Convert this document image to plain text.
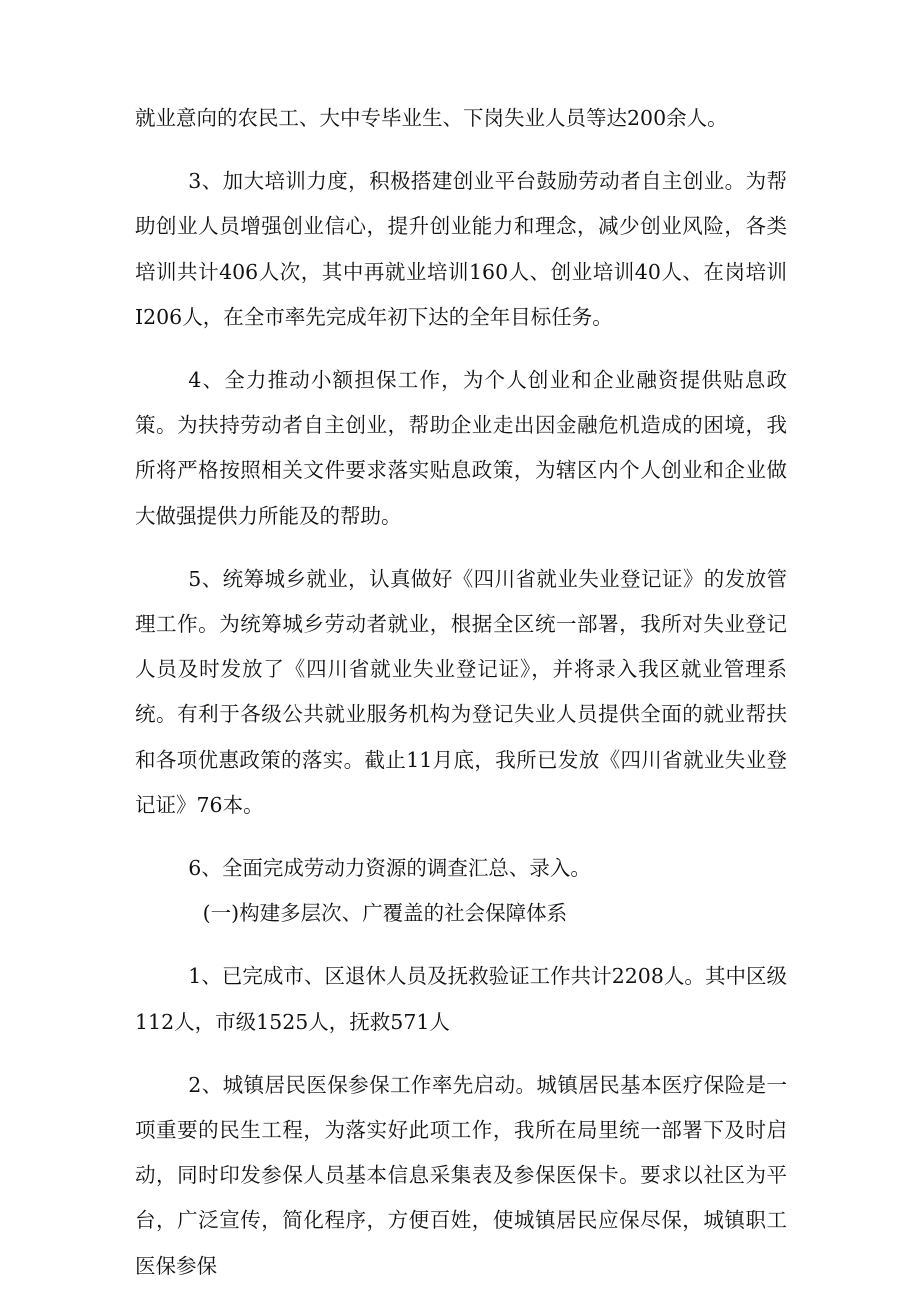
就业意向的农民工、大中专毕业生、下岗失业人员等达200余人。

3、加大培训力度，积极搭建创业平台鼓励劳动者自主创业。为帮助创业人员增强创业信心，提升创业能力和理念，减少创业风险，各类培训共计406人次，其中再就业培训160人、创业培训40人、在岗培训I206人，在全市率先完成年初下达的全年目标任务。

4、全力推动小额担保工作，为个人创业和企业融资提供贴息政策。为扶持劳动者自主创业，帮助企业走出因金融危机造成的困境，我所将严格按照相关文件要求落实贴息政策，为辖区内个人创业和企业做大做强提供力所能及的帮助。

5、统筹城乡就业，认真做好《四川省就业失业登记证》的发放管理工作。为统筹城乡劳动者就业，根据全区统一部署，我所对失业登记人员及时发放了《四川省就业失业登记证》，并将录入我区就业管理系统。有利于各级公共就业服务机构为登记失业人员提供全面的就业帮扶和各项优惠政策的落实。截止11月底，我所已发放《四川省就业失业登记证》76本。

6、全面完成劳动力资源的调查汇总、录入。

(一)构建多层次、广覆盖的社会保障体系

1、已完成市、区退休人员及抚救验证工作共计2208人。其中区级112人，市级1525人，抚救571人

2、城镇居民医保参保工作率先启动。城镇居民基本医疗保险是一项重要的民生工程，为落实好此项工作，我所在局里统一部署下及时启动，同时印发参保人员基本信息采集表及参保医保卡。要求以社区为平台，广泛宣传，简化程序，方便百姓，使城镇居民应保尽保，城镇职工医保参保
